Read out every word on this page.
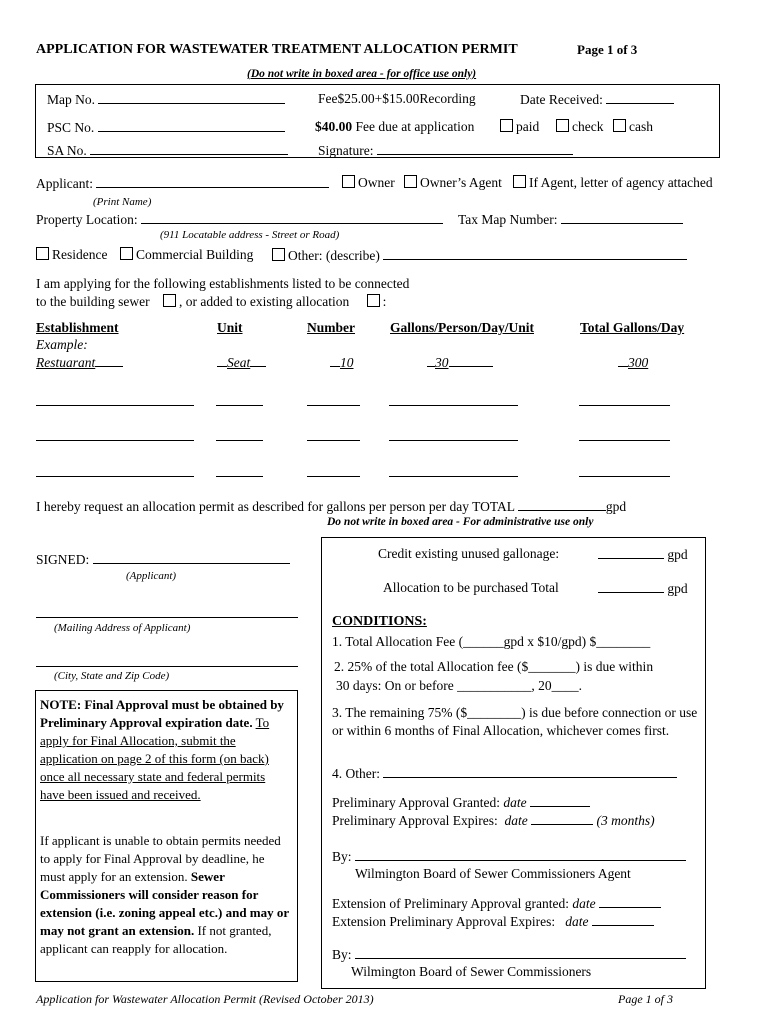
APPLICATION FOR WASTEWATER TREATMENT ALLOCATION PERMIT	Page 1 of 3
(Do not write in boxed area - for office use only)
Map No.	Fee$25.00+$15.00Recording	Date Received:
PSC No.	$40.00 Fee due at application	paid	check	cash
SA No.	Signature:
Applicant:	Owner	Owner’s Agent	If Agent, letter of agency attached
(Print Name)
Property Location:	Tax Map Number:
(911 Locatable address - Street or Road)
Residence	Commercial Building	Other: (describe)
I am applying for the following establishments listed to be connected
to the building sewer , or added to existing allocation :
Establishment	Unit	Number	Gallons/Person/Day/Unit	Total Gallons/Day
Example:
Restuarant	Seat	10	30	300
I hereby request an allocation permit as described for gallons per person per day TOTAL	gpd
Do not write in boxed area - For administrative use only
SIGNED:
(Applicant)
(Mailing Address of Applicant)
(City, State and Zip Code)
NOTE: Final Approval must be obtained by Preliminary Approval expiration date. To apply for Final Allocation, submit the application on page 2 of this form (on back) once all necessary state and federal permits have been issued and received.
If applicant is unable to obtain permits needed to apply for Final Approval by deadline, he must apply for an extension. Sewer Commissioners will consider reason for extension (i.e. zoning appeal etc.) and may or may not grant an extension. If not granted, applicant can reapply for allocation.
Credit existing unused gallonage:	gpd
Allocation to be purchased Total	gpd
CONDITIONS:
1. Total Allocation Fee (______gpd x $10/gpd) $________
2. 25% of the total Allocation fee ($_______) is due within
30 days: On or before ___________, 20____.
3. The remaining 75% ($________) is due before connection or use or within 6 months of Final Allocation, whichever comes first.
4. Other:
Preliminary Approval Granted: date
Preliminary Approval Expires: date	(3 months)
By:
Wilmington Board of Sewer Commissioners Agent
Extension of Preliminary Approval granted: date
Extension Preliminary Approval Expires: date
By:
Wilmington Board of Sewer Commissioners
Application for Wastewater Allocation Permit (Revised October 2013)	Page 1 of 3
